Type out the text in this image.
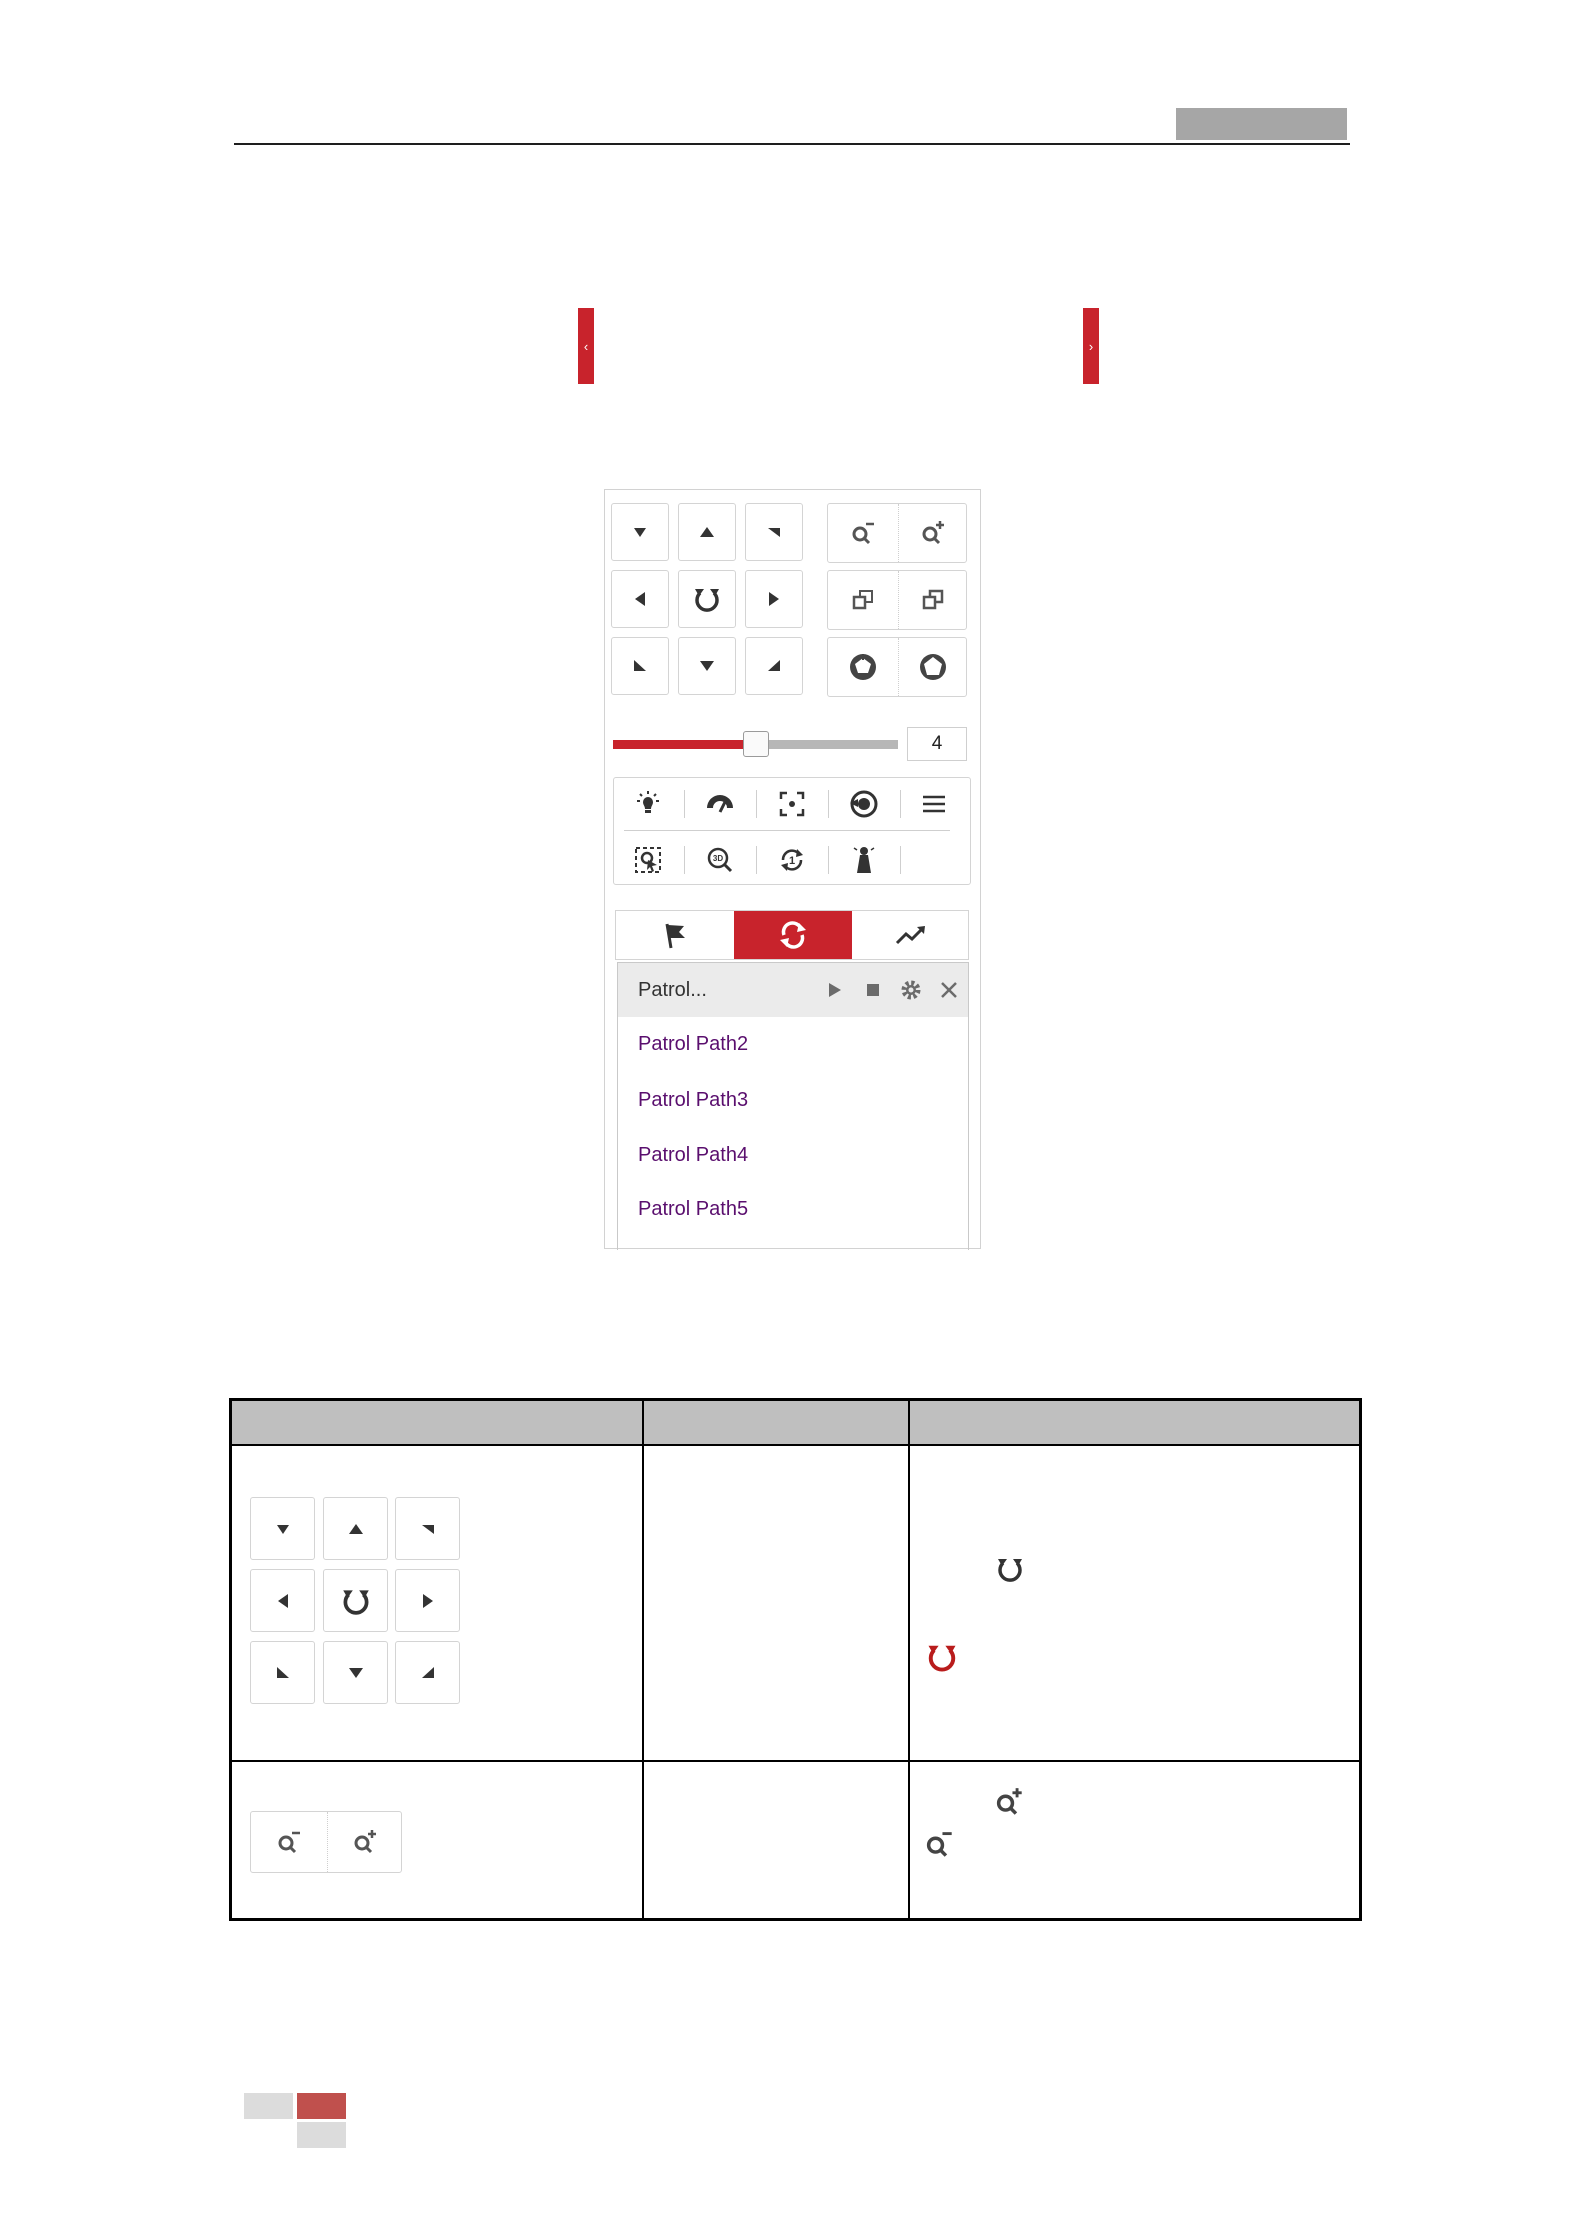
‹	›
4
3D	1
Patrol...
Patrol Path2
Patrol Path3
Patrol Path4
Patrol Path5
